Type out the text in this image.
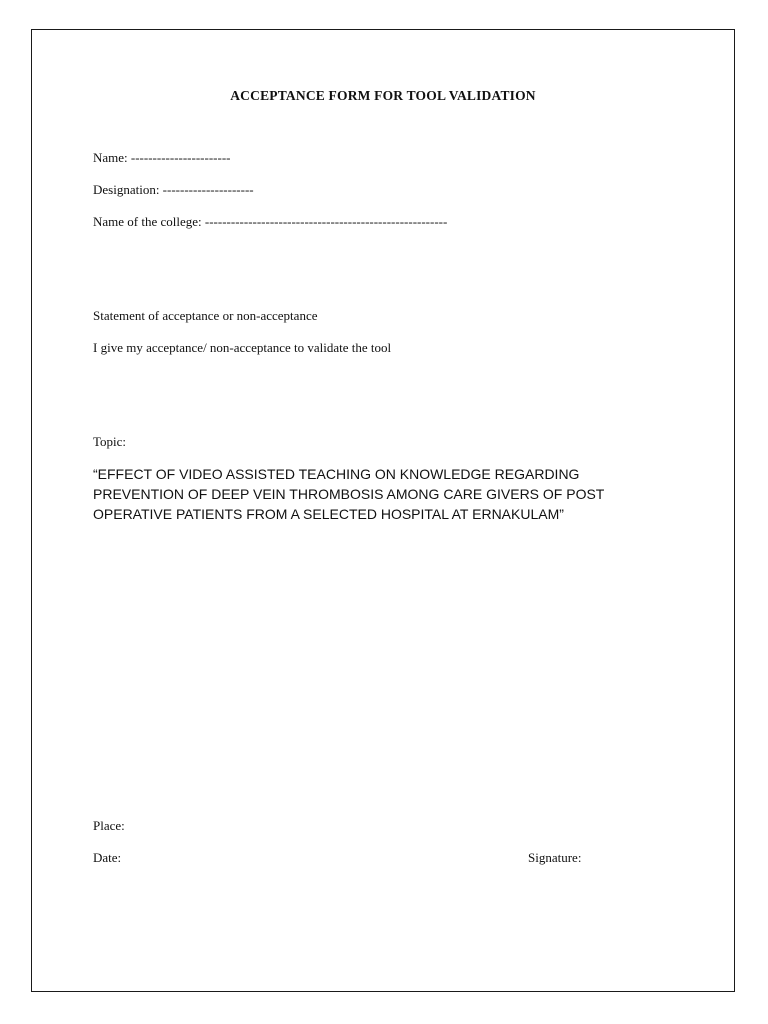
ACCEPTANCE FORM FOR TOOL VALIDATION
Name: -----------------------
Designation: ---------------------
Name of the college: --------------------------------------------------------
Statement of acceptance or non-acceptance
I give my acceptance/ non-acceptance to validate the tool
Topic:
“EFFECT OF VIDEO ASSISTED TEACHING ON KNOWLEDGE REGARDING
PREVENTION OF DEEP VEIN THROMBOSIS AMONG CARE GIVERS OF POST
OPERATIVE PATIENTS FROM A SELECTED HOSPITAL AT ERNAKULAM”
Place:
Date:	Signature:
